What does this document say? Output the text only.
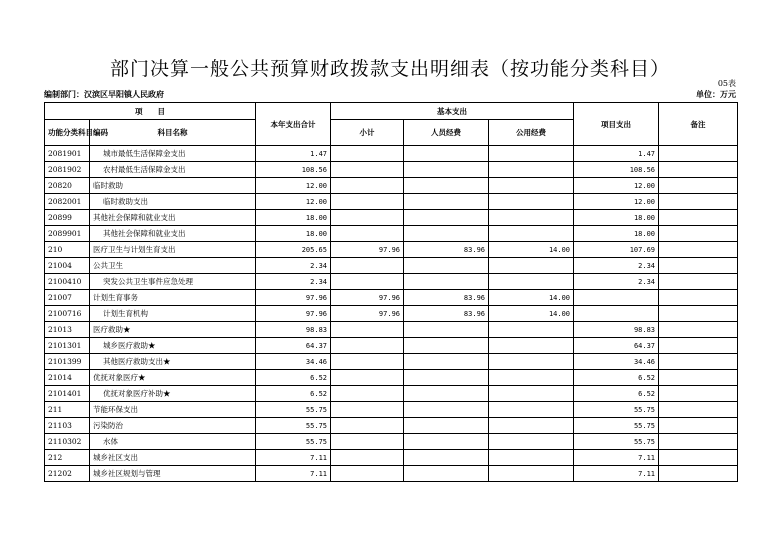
部门决算一般公共预算财政拨款支出明细表（按功能分类科目）
05表
编制部门：汉滨区早阳镇人民政府	单位：万元
项　　目		本年支出合计	基本支出			项目支出	备注
功能分类科目编码	科目名称		小计	人员经费	公用经费		

2081901	城市最低生活保障金支出	1.47				1.47	
2081902	农村最低生活保障金支出	108.56				108.56	
20820	临时救助	12.00				12.00	
2082001	临时救助支出	12.00				12.00	
20899	其他社会保障和就业支出	18.00				18.00	
2089901	其他社会保障和就业支出	18.00				18.00	
210	医疗卫生与计划生育支出	205.65	97.96	83.96	14.00	107.69	
21004	公共卫生	2.34				2.34	
2100410	突发公共卫生事件应急处理	2.34				2.34	
21007	计划生育事务	97.96	97.96	83.96	14.00		
2100716	计划生育机构	97.96	97.96	83.96	14.00		
21013	医疗救助★	98.83				98.83	
2101301	城乡医疗救助★	64.37				64.37	
2101399	其他医疗救助支出★	34.46				34.46	
21014	优抚对象医疗★	6.52				6.52	
2101401	优抚对象医疗补助★	6.52				6.52	
211	节能环保支出	55.75				55.75	
21103	污染防治	55.75				55.75	
2110302	水体	55.75				55.75	
212	城乡社区支出	7.11				7.11	
21202	城乡社区规划与管理	7.11				7.11	
